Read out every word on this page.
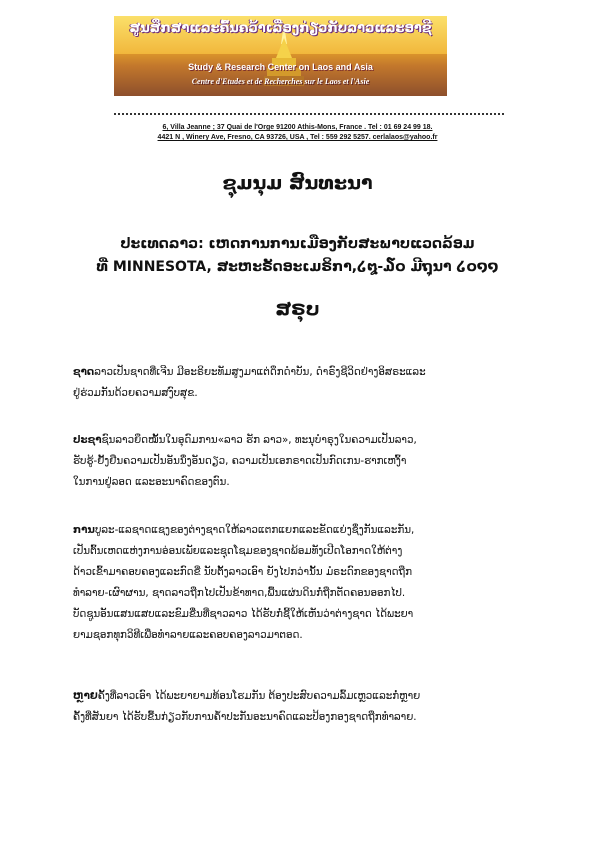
ສູນສຶກສາແລະຄົ້ນຄວ້າເລື່ອງກ່ຽວກັບລາວແລະອາຊີ
Study & Research Center on Laos and Asia
Centre d'Etudes et de Recherches sur le Laos et l'Asie
6, Villa Jeanne ; 37 Quai de l'Orge 91200 Athis-Mons, France . Tel : 01 69 24 99 18.
4421 N , Winery Ave, Fresno, CA 93726, USA , Tel : 559 292 5257. cerlalaos@yahoo.fr
ຊຸມນຸມ ສົນທະນາ
ປະເທດລາວ: ເຫດການການເມືອງກັບສະພາບແວດລ້ອມ
ທີ່ MINNESOTA, ສະຫະຣັດອະເມຣິກາ,໒໘-໓໐ ມີຖຸນາ ໒໐໑໑
ສຣຸບ
ຊາດລາວເປັນຊາດທີ່ເຈີນ ມີອະຣິຍະທັມສູງມາແຕ່ດຶກດຳບັນ, ດຳຣົງຊີວິດຢ່າງອິສຣະແລະ
ຢູ່ຮ່ວມກັນດ້ວຍຄວາມສງົບສຸຂ.
ປະຊາຊົນລາວຍຶດໝັ້ນໃນອຸດົມການ«ລາວ ຮັກ ລາວ», ທະນຸບໍາຣຸງໃນຄວາມເປັນລາວ,
ຮັບຮູ້-ຢັ້ງຢືນຄວາມເປັນອັນນຶ່ງອັນດຽວ, ຄວາມເປັນເອກຣາດເປັນກົດເກນ-ຮາກເຫງົ້າ
ໃນການຢູ່ລອດ ແລະອະນາຄົດຂອງຕົນ.
ການບູລະ-ແລຊາດແຊງຂອງຕ່າງຊາດໃຫ້ລາວແຕກແຍກແລະຂັດແຍ່ງຊຶ່ງກັນແລະກັນ,
ເປັນຕົ້ນເຫດແຫ່ງການອ່ອນເພັຍແລະຊຸດໂຊມຂອງຊາດພ້ອມທັງເປີດໂອກາດໃຫ້ຕ່າງ
ດ້າວເຂົ້າມາຄອບຄອງແລະກົດຂີ່ ນັບຕັ້ງລາວເອົາ ຍັງໄປກວ່ານັ້ນ ມໍຣະດົກຂອງຊາດຖືກ
ທໍາລາຍ-ເຜົາຜານ, ຊາດລາວຖືກໄປເປັນຂ້າທາດ,ພື້ນແຜ່ນດິນກໍ່ຖືກຕັດຄອນອອກໄປ.
ບັດຊູນອັນແສນແສບແລະຂົມຂື່ນທີ່ຊາວລາວ ໄດ້ຮັບກໍ່ຊີ້ໃຫ້ເຫັນວ່າຕ່າງຊາດ ໄດ້ພະຍາ
ຍາມຊອກທຸກວິທີເພື່ອທໍາລາຍແລະຄອບຄອງລາວມາຕອດ.
ຫຼາຍຄັ້ງທີ່ລາວເອົາ ໄດ້ພະຍາຍາມທ້ອນໂຮມກັນ ຕ້ອງປະສົບຄວາມລົ້ມເຫຼວແລະກໍ່ຫຼາຍ
ຄັ້ງທີ່ສັນຍາ ໄດ້ຮັບຂື້ນກ່ຽວກັບການຄໍ້າປະກັນອະນາຄົດແລະປ້ອງກອງຊາດຖືກທໍາລາຍ.
